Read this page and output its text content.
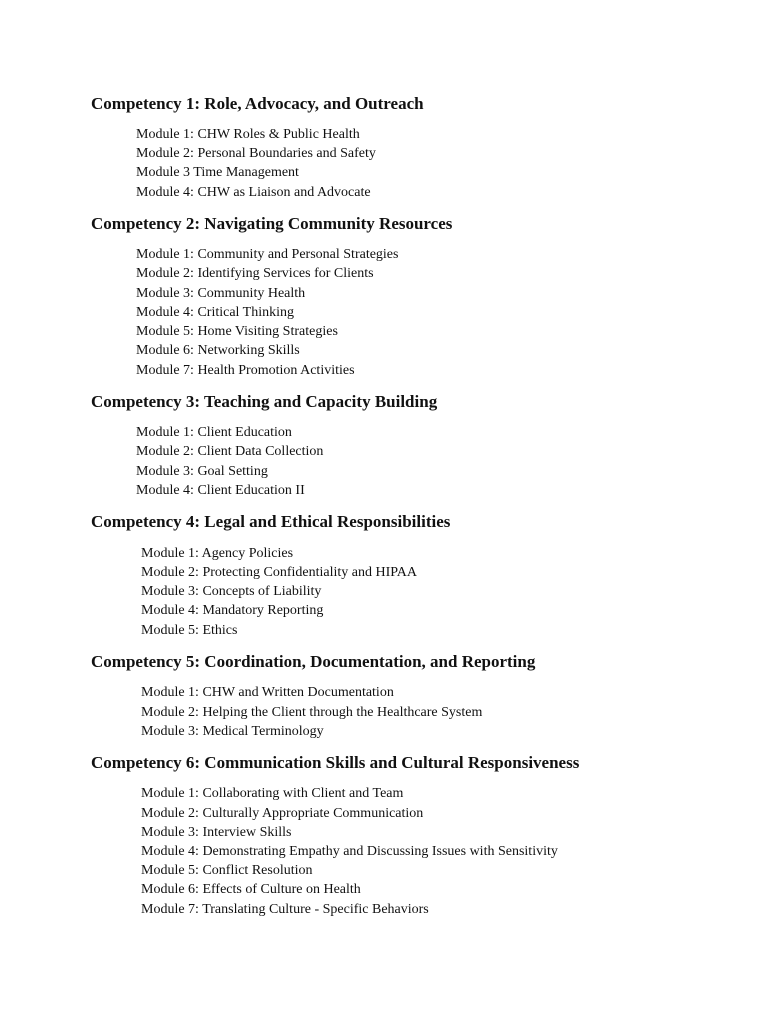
Competency 1: Role, Advocacy, and Outreach

Module 1: CHW Roles & Public Health

Module 2: Personal Boundaries and Safety

Module 3 Time Management

Module 4: CHW as Liaison and Advocate

Competency 2: Navigating Community Resources

Module 1: Community and Personal Strategies

Module 2: Identifying Services for Clients

Module 3: Community Health

Module 4: Critical Thinking

Module 5: Home Visiting Strategies

Module 6: Networking Skills

Module 7: Health Promotion Activities

Competency 3: Teaching and Capacity Building

Module 1: Client Education

Module 2: Client Data Collection

Module 3: Goal Setting

Module 4: Client Education II

Competency 4: Legal and Ethical Responsibilities

Module 1: Agency Policies

Module 2: Protecting Confidentiality and HIPAA

Module 3: Concepts of Liability

Module 4: Mandatory Reporting

Module 5: Ethics

Competency 5: Coordination, Documentation, and Reporting

Module 1: CHW and Written Documentation

Module 2: Helping the Client through the Healthcare System

Module 3: Medical Terminology

Competency 6: Communication Skills and Cultural Responsiveness

Module 1: Collaborating with Client and Team

Module 2: Culturally Appropriate Communication

Module 3: Interview Skills

Module 4: Demonstrating Empathy and Discussing Issues with Sensitivity

Module 5: Conflict Resolution

Module 6: Effects of Culture on Health

Module 7: Translating Culture - Specific Behaviors
